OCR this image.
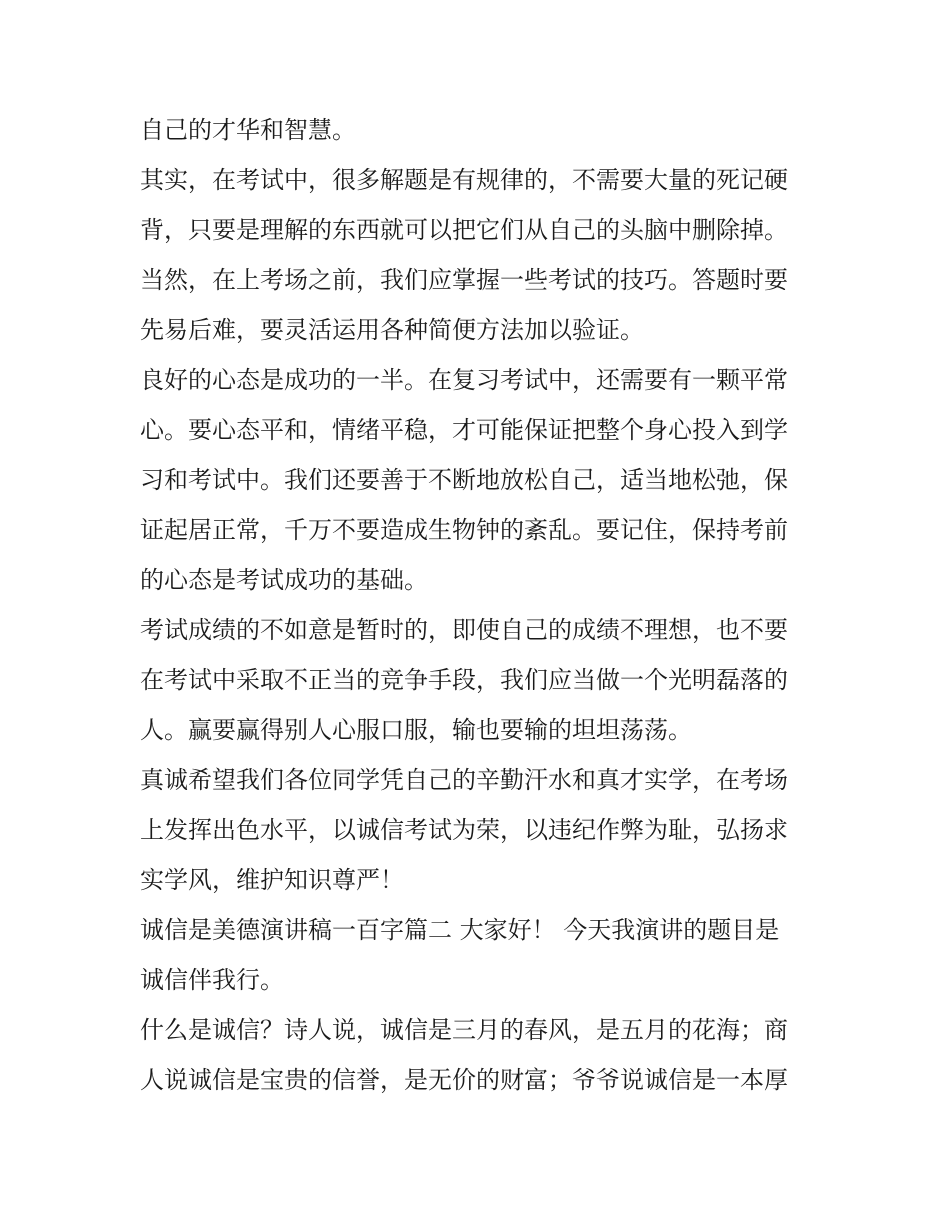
自己的才华和智慧。
其实，在考试中，很多解题是有规律的，不需要大量的死记硬
背，只要是理解的东西就可以把它们从自己的头脑中删除掉。
当然，在上考场之前，我们应掌握一些考试的技巧。答题时要
先易后难，要灵活运用各种简便方法加以验证。
良好的心态是成功的一半。在复习考试中，还需要有一颗平常
心。要心态平和，情绪平稳，才可能保证把整个身心投入到学
习和考试中。我们还要善于不断地放松自己，适当地松弛，保
证起居正常，千万不要造成生物钟的紊乱。要记住，保持考前
的心态是考试成功的基础。
考试成绩的不如意是暂时的，即使自己的成绩不理想，也不要
在考试中采取不正当的竞争手段，我们应当做一个光明磊落的
人。赢要赢得别人心服口服，输也要输的坦坦荡荡。
真诚希望我们各位同学凭自己的辛勤汗水和真才实学，在考场
上发挥出色水平，以诚信考试为荣，以违纪作弊为耻，弘扬求
实学风，维护知识尊严！
诚信是美德演讲稿一百字篇二 大家好！ 今天我演讲的题目是
诚信伴我行。
什么是诚信？诗人说，诚信是三月的春风，是五月的花海；商
人说诚信是宝贵的信誉，是无价的财富；爷爷说诚信是一本厚
